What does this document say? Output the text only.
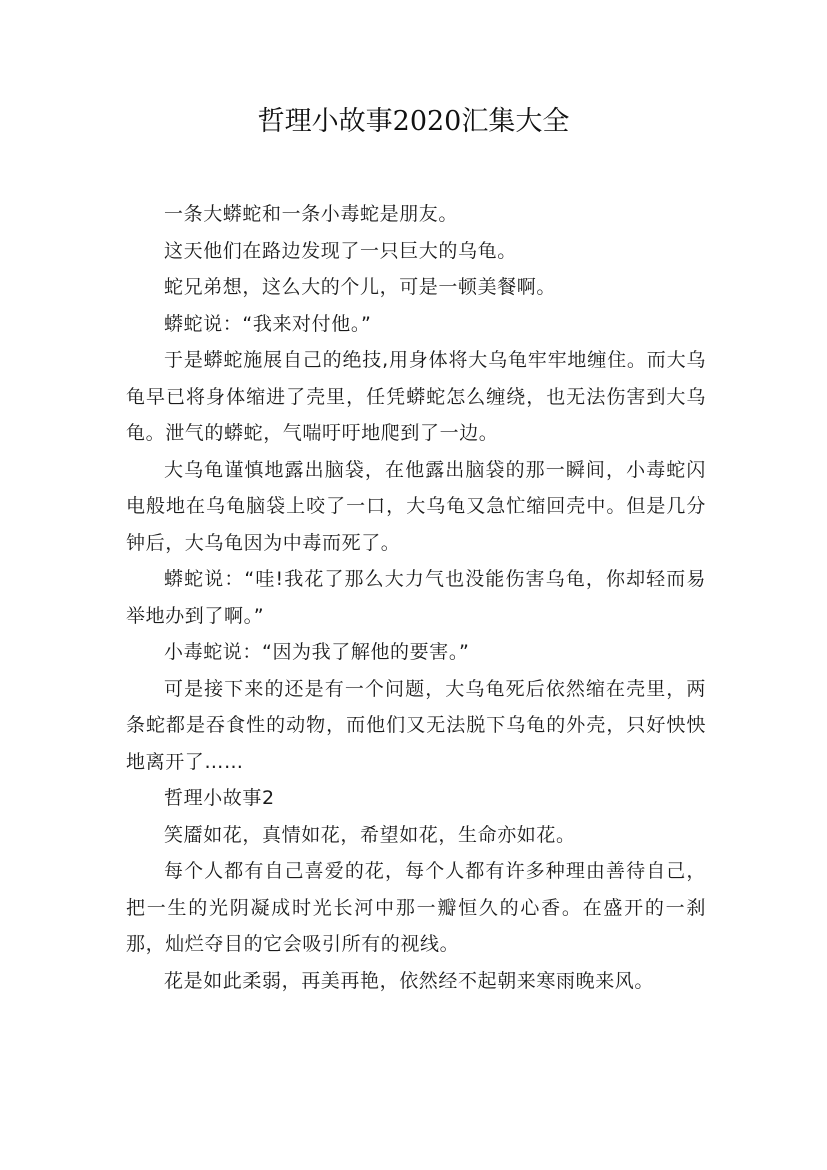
哲理小故事2020汇集大全

一条大蟒蛇和一条小毒蛇是朋友。

这天他们在路边发现了一只巨大的乌龟。

蛇兄弟想，这么大的个儿，可是一顿美餐啊。

蟒蛇说：“我来对付他。”

于是蟒蛇施展自己的绝技,用身体将大乌龟牢牢地缠住。而大乌龟早已将身体缩进了壳里，任凭蟒蛇怎么缠绕，也无法伤害到大乌龟。泄气的蟒蛇，气喘吁吁地爬到了一边。

大乌龟谨慎地露出脑袋，在他露出脑袋的那一瞬间，小毒蛇闪电般地在乌龟脑袋上咬了一口，大乌龟又急忙缩回壳中。但是几分钟后，大乌龟因为中毒而死了。

蟒蛇说：“哇!我花了那么大力气也没能伤害乌龟，你却轻而易举地办到了啊。”

小毒蛇说：“因为我了解他的要害。”

可是接下来的还是有一个问题，大乌龟死后依然缩在壳里，两条蛇都是吞食性的动物，而他们又无法脱下乌龟的外壳，只好怏怏地离开了……

哲理小故事2

笑靥如花，真情如花，希望如花，生命亦如花。

每个人都有自己喜爱的花，每个人都有许多种理由善待自己，把一生的光阴凝成时光长河中那一瓣恒久的心香。在盛开的一刹那，灿烂夺目的它会吸引所有的视线。

花是如此柔弱，再美再艳，依然经不起朝来寒雨晚来风。
